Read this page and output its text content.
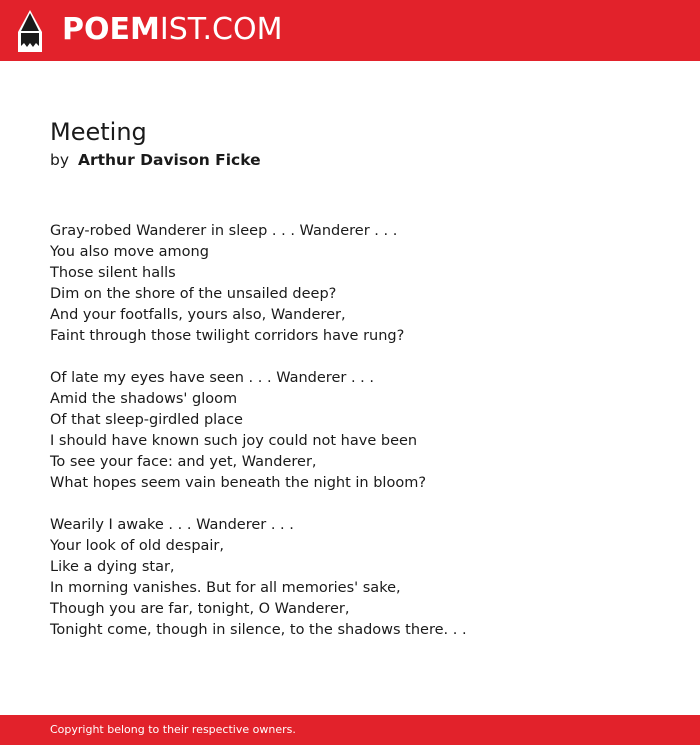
POEMIST.COM
Meeting
by Arthur Davison Ficke
Gray-robed Wanderer in sleep . . . Wanderer . . .
You also move among
Those silent halls
Dim on the shore of the unsailed deep?
And your footfalls, yours also, Wanderer,
Faint through those twilight corridors have rung?
Of late my eyes have seen . . . Wanderer . . .
Amid the shadows' gloom
Of that sleep-girdled place
I should have known such joy could not have been
To see your face: and yet, Wanderer,
What hopes seem vain beneath the night in bloom?
Wearily I awake . . . Wanderer . . .
Your look of old despair,
Like a dying star,
In morning vanishes. But for all memories' sake,
Though you are far, tonight, O Wanderer,
Tonight come, though in silence, to the shadows there. . .
Copyright belong to their respective owners.
